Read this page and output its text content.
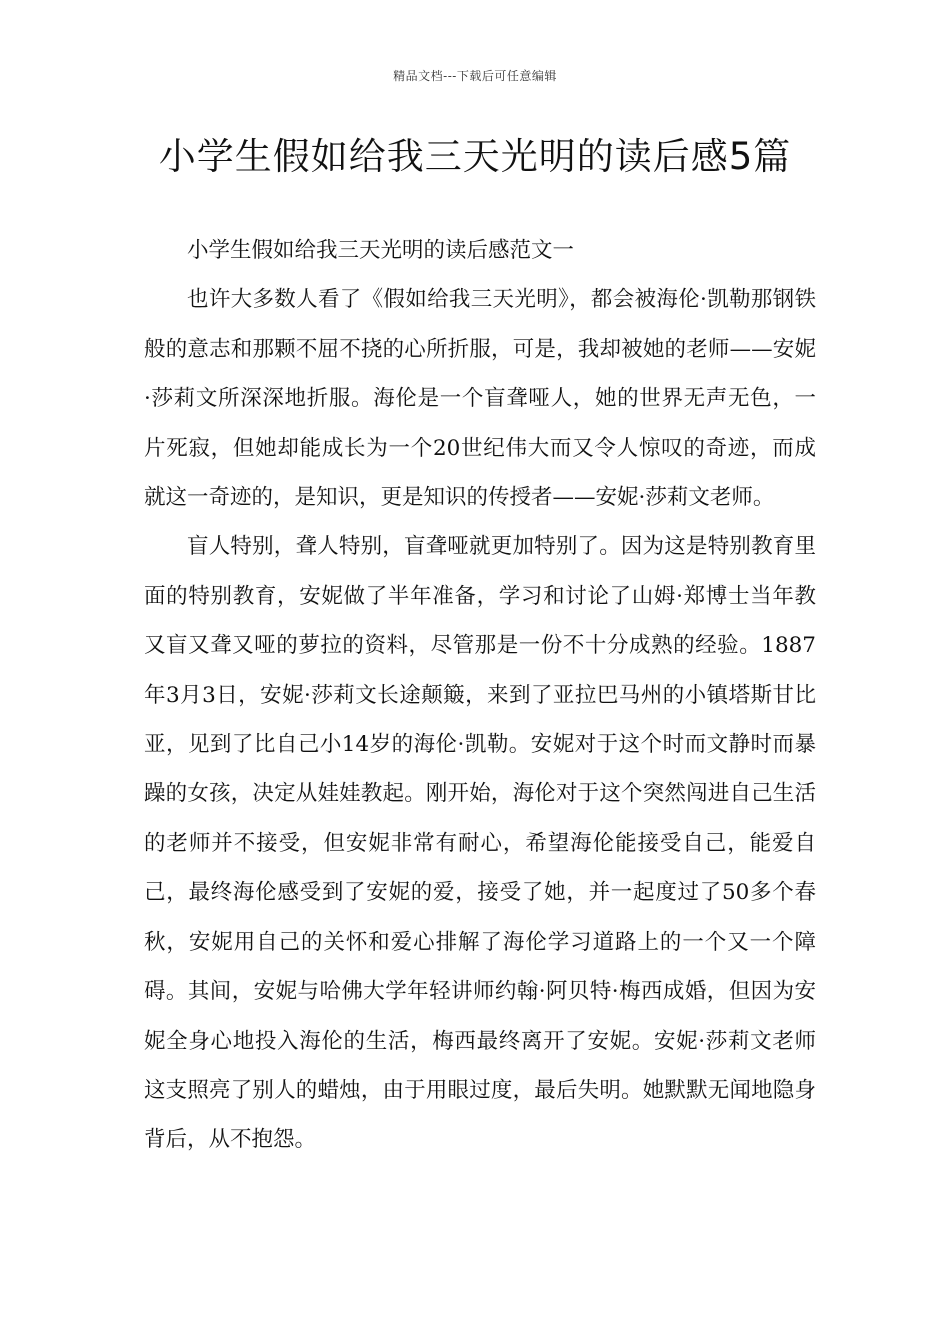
精品文档---下载后可任意编辑
小学生假如给我三天光明的读后感5篇

小学生假如给我三天光明的读后感范文一

也许大多数人看了《假如给我三天光明》，都会被海伦·凯勒那钢铁般的意志和那颗不屈不挠的心所折服，可是，我却被她的老师——安妮·莎莉文所深深地折服。海伦是一个盲聋哑人，她的世界无声无色，一片死寂，但她却能成长为一个20世纪伟大而又令人惊叹的奇迹，而成就这一奇迹的，是知识，更是知识的传授者——安妮·莎莉文老师。

盲人特别，聋人特别，盲聋哑就更加特别了。因为这是特别教育里面的特别教育，安妮做了半年准备，学习和讨论了山姆·郑博士当年教又盲又聋又哑的萝拉的资料，尽管那是一份不十分成熟的经验。1887年3月3日，安妮·莎莉文长途颠簸，来到了亚拉巴马州的小镇塔斯甘比亚，见到了比自己小14岁的海伦·凯勒。安妮对于这个时而文静时而暴躁的女孩，决定从娃娃教起。刚开始，海伦对于这个突然闯进自己生活的老师并不接受，但安妮非常有耐心，希望海伦能接受自己，能爱自己，最终海伦感受到了安妮的爱，接受了她，并一起度过了50多个春秋，安妮用自己的关怀和爱心排解了海伦学习道路上的一个又一个障碍。其间，安妮与哈佛大学年轻讲师约翰·阿贝特·梅西成婚，但因为安妮全身心地投入海伦的生活，梅西最终离开了安妮。安妮·莎莉文老师这支照亮了别人的蜡烛，由于用眼过度，最后失明。她默默无闻地隐身背后，从不抱怨。
